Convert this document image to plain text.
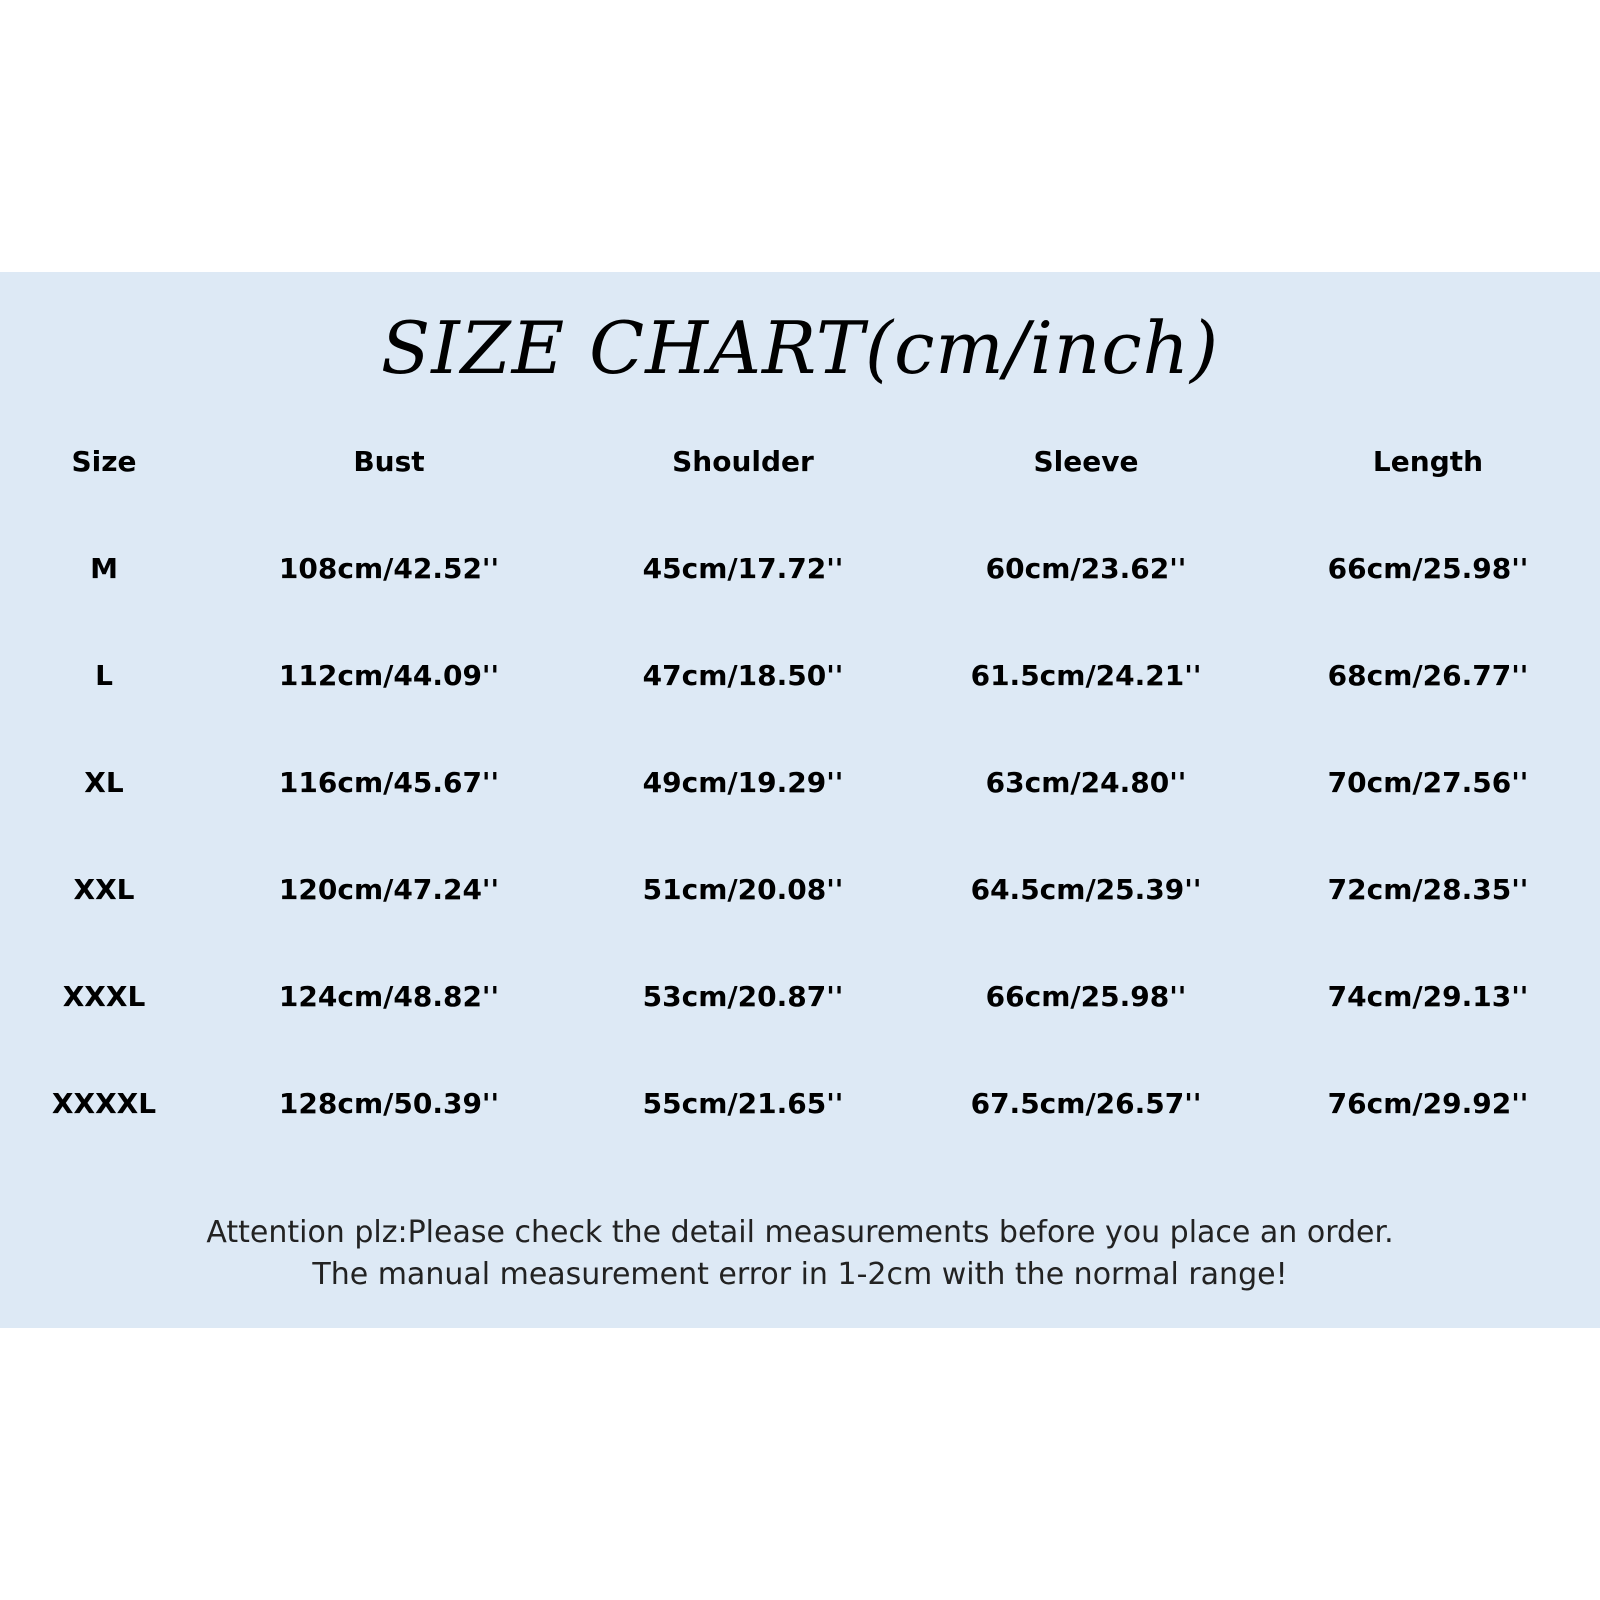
SIZE CHART(cm/inch)
Size	Bust	Shoulder	Sleeve	Length
M	108cm/42.52''	45cm/17.72''	60cm/23.62''	66cm/25.98''
L	112cm/44.09''	47cm/18.50''	61.5cm/24.21''	68cm/26.77''
XL	116cm/45.67''	49cm/19.29''	63cm/24.80''	70cm/27.56''
XXL	120cm/47.24''	51cm/20.08''	64.5cm/25.39''	72cm/28.35''
XXXL	124cm/48.82''	53cm/20.87''	66cm/25.98''	74cm/29.13''
XXXXL	128cm/50.39''	55cm/21.65''	67.5cm/26.57''	76cm/29.92''
Attention plz:Please check the detail measurements before you place an order.
The manual measurement error in 1-2cm with the normal range!
